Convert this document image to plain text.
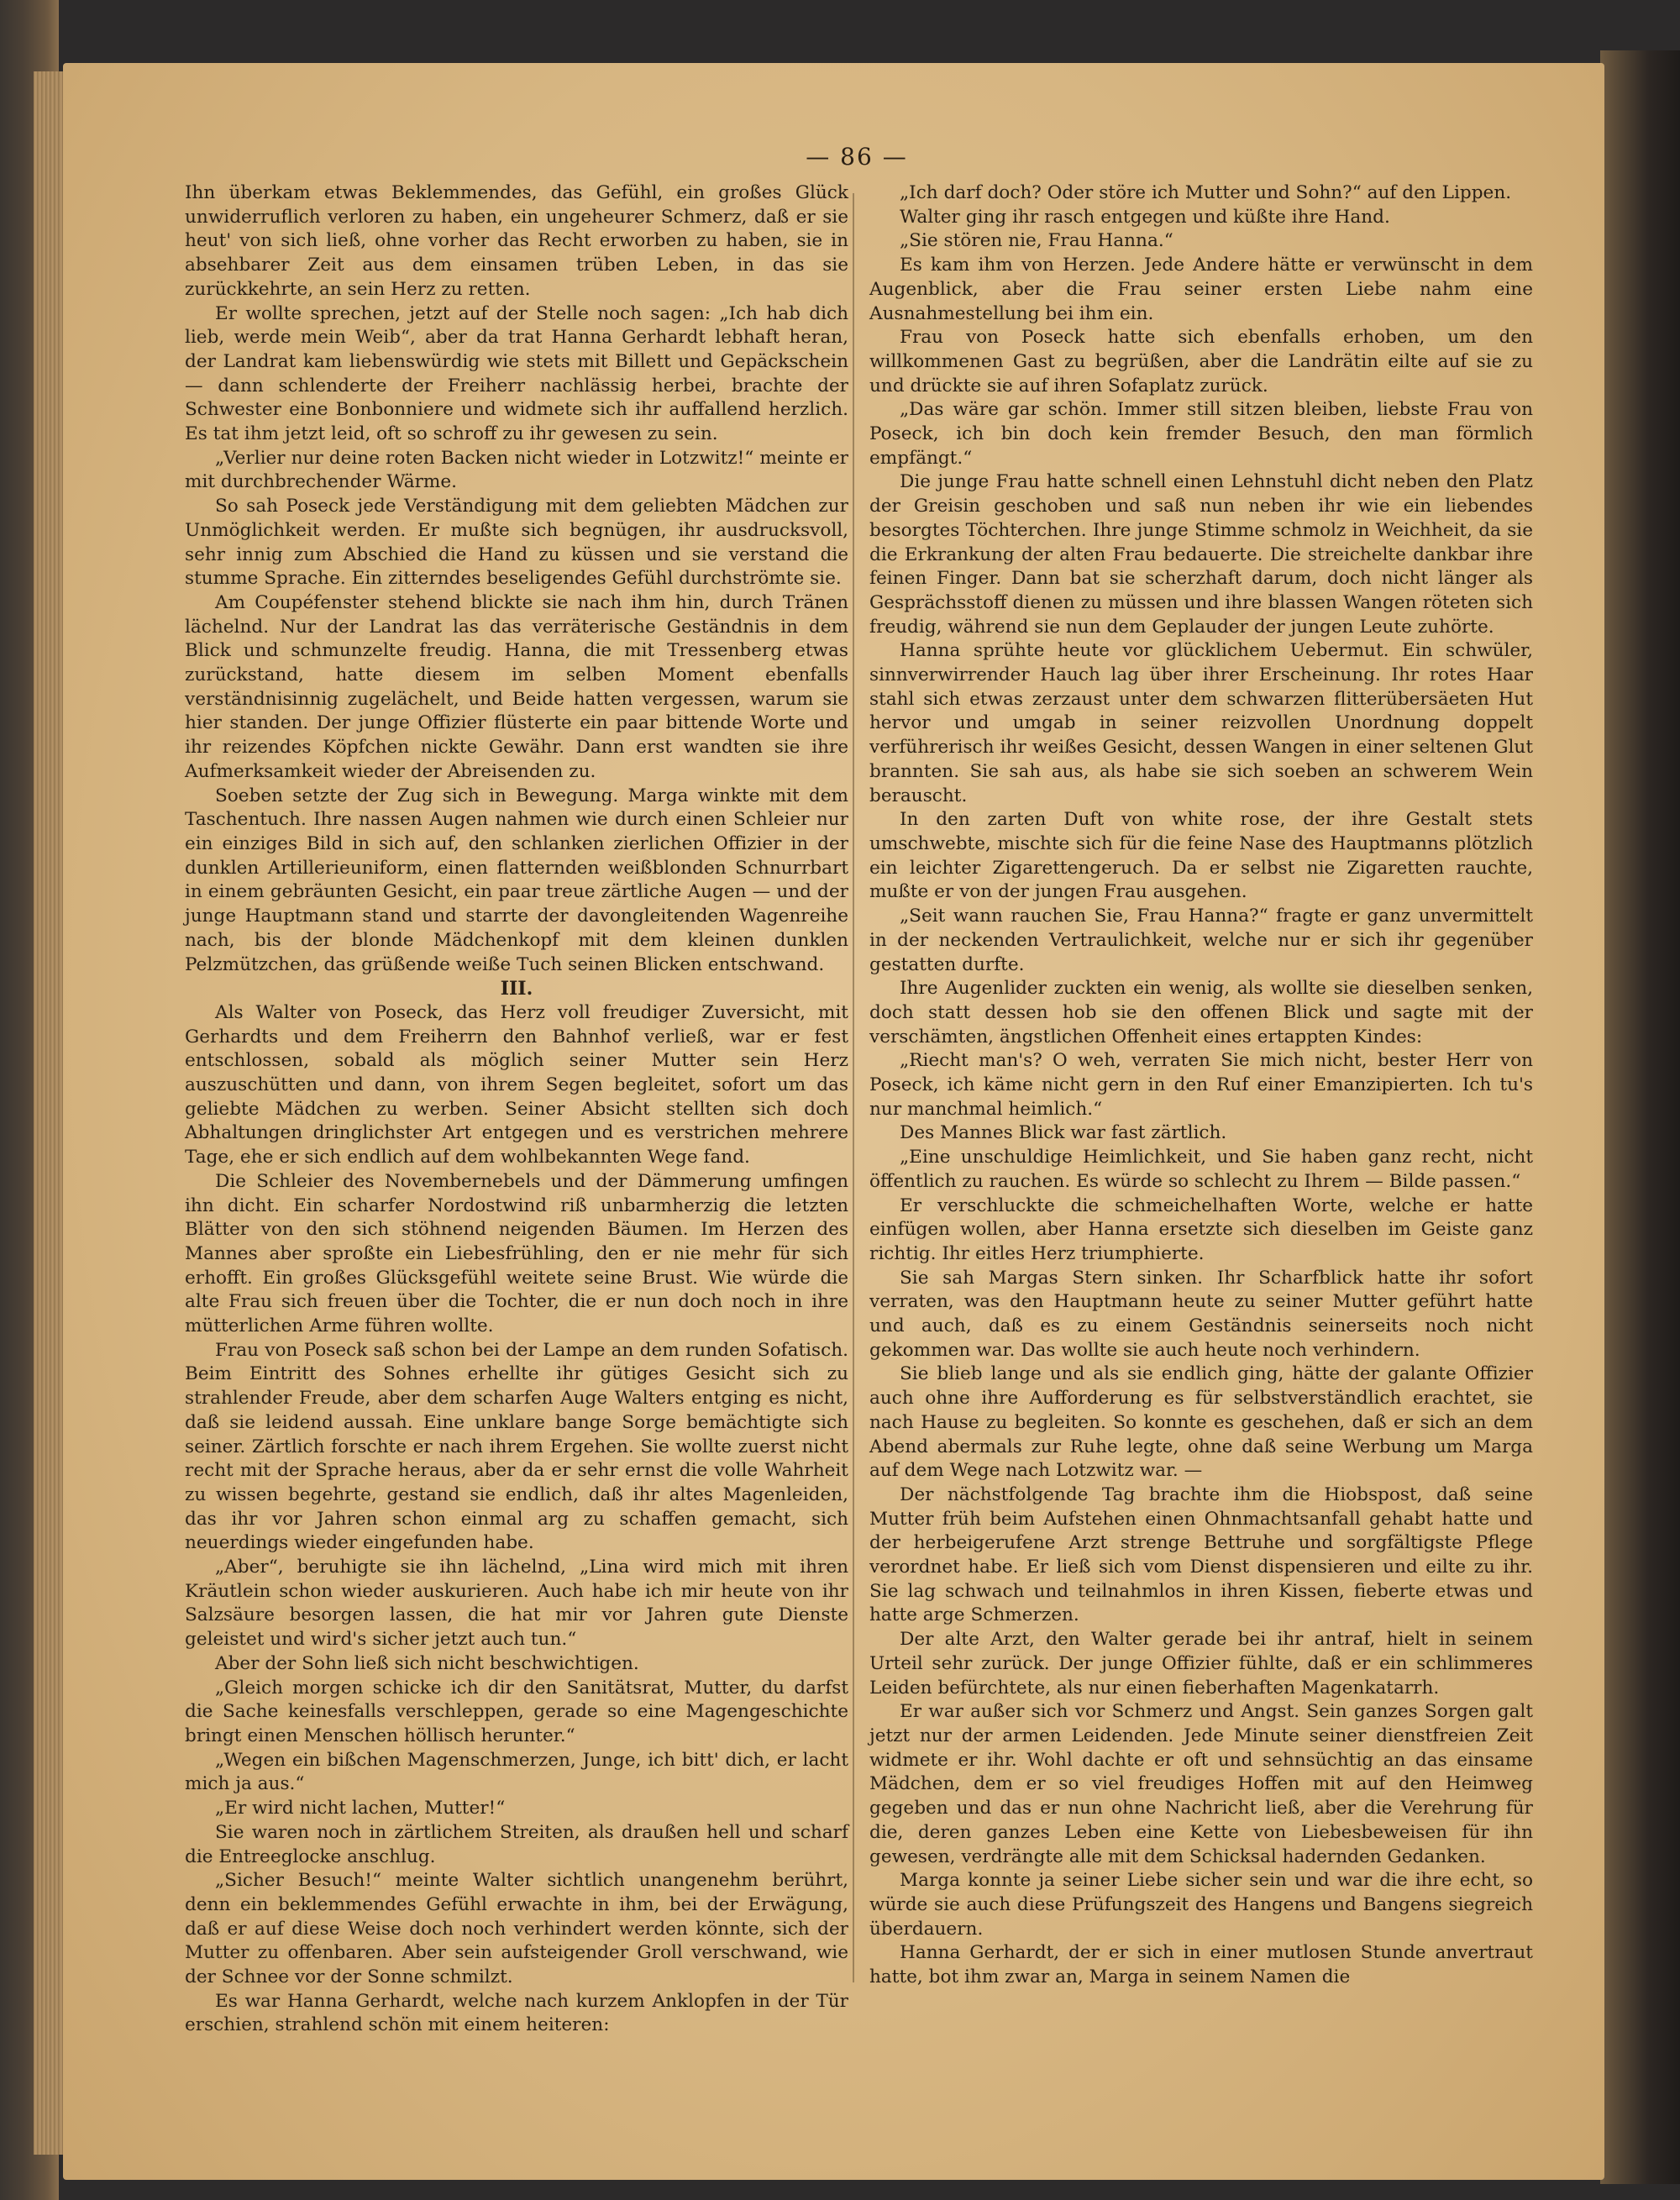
— 86 —

Ihn überkam etwas Beklemmendes, das Gefühl, ein großes Glück unwiderruflich verloren zu haben, ein ungeheurer Schmerz, daß er sie heut' von sich ließ, ohne vorher das Recht erworben zu haben, sie in absehbarer Zeit aus dem einsamen trüben Leben, in das sie zurückkehrte, an sein Herz zu retten.

Er wollte sprechen, jetzt auf der Stelle noch sagen: „Ich hab dich lieb, werde mein Weib“, aber da trat Hanna Gerhardt lebhaft heran, der Landrat kam liebenswürdig wie stets mit Billett und Gepäckschein — dann schlenderte der Freiherr nachlässig herbei, brachte der Schwester eine Bonbonniere und widmete sich ihr auffallend herzlich. Es tat ihm jetzt leid, oft so schroff zu ihr gewesen zu sein.

„Verlier nur deine roten Backen nicht wieder in Lotzwitz!“ meinte er mit durchbrechender Wärme.

So sah Poseck jede Verständigung mit dem geliebten Mädchen zur Unmöglichkeit werden. Er mußte sich begnügen, ihr ausdrucksvoll, sehr innig zum Abschied die Hand zu küssen und sie verstand die stumme Sprache. Ein zitterndes beseligendes Gefühl durchströmte sie.

Am Coupéfenster stehend blickte sie nach ihm hin, durch Tränen lächelnd. Nur der Landrat las das verräterische Geständnis in dem Blick und schmunzelte freudig. Hanna, die mit Tressenberg etwas zurückstand, hatte diesem im selben Moment ebenfalls verständnisinnig zugelächelt, und Beide hatten vergessen, warum sie hier standen. Der junge Offizier flüsterte ein paar bittende Worte und ihr reizendes Köpfchen nickte Gewähr. Dann erst wandten sie ihre Aufmerksamkeit wieder der Abreisenden zu.

Soeben setzte der Zug sich in Bewegung. Marga winkte mit dem Taschentuch. Ihre nassen Augen nahmen wie durch einen Schleier nur ein einziges Bild in sich auf, den schlanken zierlichen Offizier in der dunklen Artillerieuniform, einen flatternden weißblonden Schnurrbart in einem gebräunten Gesicht, ein paar treue zärtliche Augen — und der junge Hauptmann stand und starrte der davongleitenden Wagenreihe nach, bis der blonde Mädchenkopf mit dem kleinen dunklen Pelzmützchen, das grüßende weiße Tuch seinen Blicken entschwand.

III.

Als Walter von Poseck, das Herz voll freudiger Zuversicht, mit Gerhardts und dem Freiherrn den Bahnhof verließ, war er fest entschlossen, sobald als möglich seiner Mutter sein Herz auszuschütten und dann, von ihrem Segen begleitet, sofort um das geliebte Mädchen zu werben. Seiner Absicht stellten sich doch Abhaltungen dringlichster Art entgegen und es verstrichen mehrere Tage, ehe er sich endlich auf dem wohlbekannten Wege fand.

Die Schleier des Novembernebels und der Dämmerung umfingen ihn dicht. Ein scharfer Nordostwind riß unbarmherzig die letzten Blätter von den sich stöhnend neigenden Bäumen. Im Herzen des Mannes aber sproßte ein Liebesfrühling, den er nie mehr für sich erhofft. Ein großes Glücksgefühl weitete seine Brust. Wie würde die alte Frau sich freuen über die Tochter, die er nun doch noch in ihre mütterlichen Arme führen wollte.

Frau von Poseck saß schon bei der Lampe an dem runden Sofatisch. Beim Eintritt des Sohnes erhellte ihr gütiges Gesicht sich zu strahlender Freude, aber dem scharfen Auge Walters entging es nicht, daß sie leidend aussah. Eine unklare bange Sorge bemächtigte sich seiner. Zärtlich forschte er nach ihrem Ergehen. Sie wollte zuerst nicht recht mit der Sprache heraus, aber da er sehr ernst die volle Wahrheit zu wissen begehrte, gestand sie endlich, daß ihr altes Magenleiden, das ihr vor Jahren schon einmal arg zu schaffen gemacht, sich neuerdings wieder eingefunden habe.

„Aber“, beruhigte sie ihn lächelnd, „Lina wird mich mit ihren Kräutlein schon wieder auskurieren. Auch habe ich mir heute von ihr Salzsäure besorgen lassen, die hat mir vor Jahren gute Dienste geleistet und wird's sicher jetzt auch tun.“

Aber der Sohn ließ sich nicht beschwichtigen.

„Gleich morgen schicke ich dir den Sanitätsrat, Mutter, du darfst die Sache keinesfalls verschleppen, gerade so eine Magengeschichte bringt einen Menschen höllisch herunter.“

„Wegen ein bißchen Magenschmerzen, Junge, ich bitt' dich, er lacht mich ja aus.“

„Er wird nicht lachen, Mutter!“

Sie waren noch in zärtlichem Streiten, als draußen hell und scharf die Entreeglocke anschlug.

„Sicher Besuch!“ meinte Walter sichtlich unangenehm berührt, denn ein beklemmendes Gefühl erwachte in ihm, bei der Erwägung, daß er auf diese Weise doch noch verhindert werden könnte, sich der Mutter zu offenbaren. Aber sein aufsteigender Groll verschwand, wie der Schnee vor der Sonne schmilzt.

Es war Hanna Gerhardt, welche nach kurzem Anklopfen in der Tür erschien, strahlend schön mit einem heiteren:

„Ich darf doch? Oder störe ich Mutter und Sohn?“ auf den Lippen.

Walter ging ihr rasch entgegen und küßte ihre Hand.

„Sie stören nie, Frau Hanna.“

Es kam ihm von Herzen. Jede Andere hätte er verwünscht in dem Augenblick, aber die Frau seiner ersten Liebe nahm eine Ausnahmestellung bei ihm ein.

Frau von Poseck hatte sich ebenfalls erhoben, um den willkommenen Gast zu begrüßen, aber die Landrätin eilte auf sie zu und drückte sie auf ihren Sofaplatz zurück.

„Das wäre gar schön. Immer still sitzen bleiben, liebste Frau von Poseck, ich bin doch kein fremder Besuch, den man förmlich empfängt.“

Die junge Frau hatte schnell einen Lehnstuhl dicht neben den Platz der Greisin geschoben und saß nun neben ihr wie ein liebendes besorgtes Töchterchen. Ihre junge Stimme schmolz in Weichheit, da sie die Erkrankung der alten Frau bedauerte. Die streichelte dankbar ihre feinen Finger. Dann bat sie scherzhaft darum, doch nicht länger als Gesprächsstoff dienen zu müssen und ihre blassen Wangen röteten sich freudig, während sie nun dem Geplauder der jungen Leute zuhörte.

Hanna sprühte heute vor glücklichem Uebermut. Ein schwüler, sinnverwirrender Hauch lag über ihrer Erscheinung. Ihr rotes Haar stahl sich etwas zerzaust unter dem schwarzen flitterübersäeten Hut hervor und umgab in seiner reizvollen Unordnung doppelt verführerisch ihr weißes Gesicht, dessen Wangen in einer seltenen Glut brannten. Sie sah aus, als habe sie sich soeben an schwerem Wein berauscht.

In den zarten Duft von white rose, der ihre Gestalt stets umschwebte, mischte sich für die feine Nase des Hauptmanns plötzlich ein leichter Zigarettengeruch. Da er selbst nie Zigaretten rauchte, mußte er von der jungen Frau ausgehen.

„Seit wann rauchen Sie, Frau Hanna?“ fragte er ganz unvermittelt in der neckenden Vertraulichkeit, welche nur er sich ihr gegenüber gestatten durfte.

Ihre Augenlider zuckten ein wenig, als wollte sie dieselben senken, doch statt dessen hob sie den offenen Blick und sagte mit der verschämten, ängstlichen Offenheit eines ertappten Kindes:

„Riecht man's? O weh, verraten Sie mich nicht, bester Herr von Poseck, ich käme nicht gern in den Ruf einer Emanzipierten. Ich tu's nur manchmal heimlich.“

Des Mannes Blick war fast zärtlich.

„Eine unschuldige Heimlichkeit, und Sie haben ganz recht, nicht öffentlich zu rauchen. Es würde so schlecht zu Ihrem — Bilde passen.“

Er verschluckte die schmeichelhaften Worte, welche er hatte einfügen wollen, aber Hanna ersetzte sich dieselben im Geiste ganz richtig. Ihr eitles Herz triumphierte.

Sie sah Margas Stern sinken. Ihr Scharfblick hatte ihr sofort verraten, was den Hauptmann heute zu seiner Mutter geführt hatte und auch, daß es zu einem Geständnis seinerseits noch nicht gekommen war. Das wollte sie auch heute noch verhindern.

Sie blieb lange und als sie endlich ging, hätte der galante Offizier auch ohne ihre Aufforderung es für selbstverständlich erachtet, sie nach Hause zu begleiten. So konnte es geschehen, daß er sich an dem Abend abermals zur Ruhe legte, ohne daß seine Werbung um Marga auf dem Wege nach Lotzwitz war. —

Der nächstfolgende Tag brachte ihm die Hiobspost, daß seine Mutter früh beim Aufstehen einen Ohnmachtsanfall gehabt hatte und der herbeigerufene Arzt strenge Bettruhe und sorgfältigste Pflege verordnet habe. Er ließ sich vom Dienst dispensieren und eilte zu ihr. Sie lag schwach und teilnahmlos in ihren Kissen, fieberte etwas und hatte arge Schmerzen.

Der alte Arzt, den Walter gerade bei ihr antraf, hielt in seinem Urteil sehr zurück. Der junge Offizier fühlte, daß er ein schlimmeres Leiden befürchtete, als nur einen fieberhaften Magenkatarrh.

Er war außer sich vor Schmerz und Angst. Sein ganzes Sorgen galt jetzt nur der armen Leidenden. Jede Minute seiner dienstfreien Zeit widmete er ihr. Wohl dachte er oft und sehnsüchtig an das einsame Mädchen, dem er so viel freudiges Hoffen mit auf den Heimweg gegeben und das er nun ohne Nachricht ließ, aber die Verehrung für die, deren ganzes Leben eine Kette von Liebesbeweisen für ihn gewesen, verdrängte alle mit dem Schicksal hadernden Gedanken.

Marga konnte ja seiner Liebe sicher sein und war die ihre echt, so würde sie auch diese Prüfungszeit des Hangens und Bangens siegreich überdauern.

Hanna Gerhardt, der er sich in einer mutlosen Stunde anvertraut hatte, bot ihm zwar an, Marga in seinem Namen die
